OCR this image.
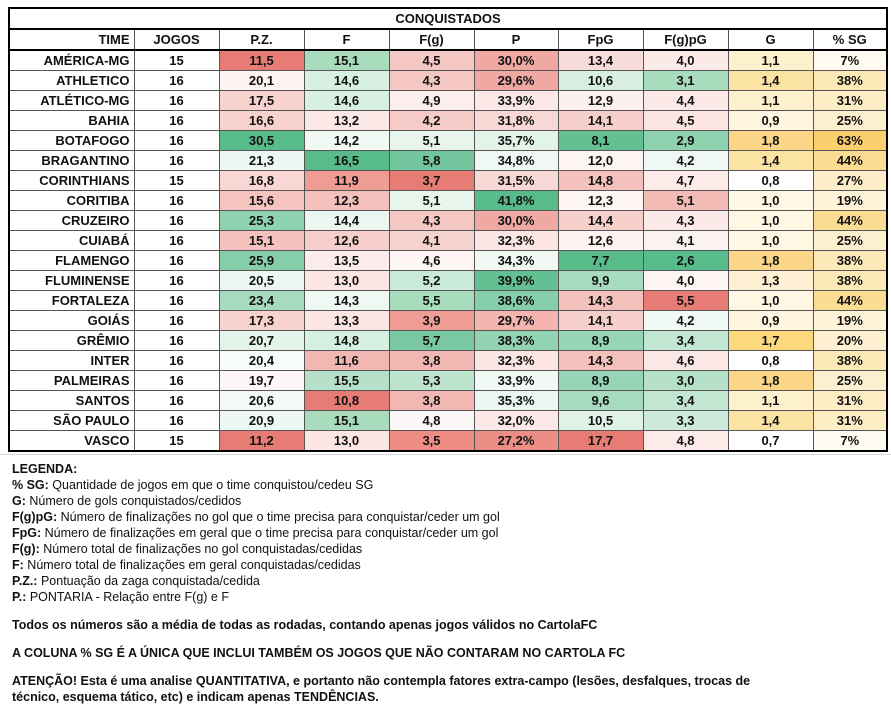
CONQUISTADOS									
TIME	JOGOS	P.Z.	F	F(g)	P	FpG	F(g)pG	G	% SG
AMÉRICA-MG	15	11,5	15,1	4,5	30,0%	13,4	4,0	1,1	7%
ATHLETICO	16	20,1	14,6	4,3	29,6%	10,6	3,1	1,4	38%
ATLÉTICO-MG	16	17,5	14,6	4,9	33,9%	12,9	4,4	1,1	31%
BAHIA	16	16,6	13,2	4,2	31,8%	14,1	4,5	0,9	25%
BOTAFOGO	16	30,5	14,2	5,1	35,7%	8,1	2,9	1,8	63%
BRAGANTINO	16	21,3	16,5	5,8	34,8%	12,0	4,2	1,4	44%
CORINTHIANS	15	16,8	11,9	3,7	31,5%	14,8	4,7	0,8	27%
CORITIBA	16	15,6	12,3	5,1	41,8%	12,3	5,1	1,0	19%
CRUZEIRO	16	25,3	14,4	4,3	30,0%	14,4	4,3	1,0	44%
CUIABÁ	16	15,1	12,6	4,1	32,3%	12,6	4,1	1,0	25%
FLAMENGO	16	25,9	13,5	4,6	34,3%	7,7	2,6	1,8	38%
FLUMINENSE	16	20,5	13,0	5,2	39,9%	9,9	4,0	1,3	38%
FORTALEZA	16	23,4	14,3	5,5	38,6%	14,3	5,5	1,0	44%
GOIÁS	16	17,3	13,3	3,9	29,7%	14,1	4,2	0,9	19%
GRÊMIO	16	20,7	14,8	5,7	38,3%	8,9	3,4	1,7	20%
INTER	16	20,4	11,6	3,8	32,3%	14,3	4,6	0,8	38%
PALMEIRAS	16	19,7	15,5	5,3	33,9%	8,9	3,0	1,8	25%
SANTOS	16	20,6	10,8	3,8	35,3%	9,6	3,4	1,1	31%
SÃO PAULO	16	20,9	15,1	4,8	32,0%	10,5	3,3	1,4	31%
VASCO	15	11,2	13,0	3,5	27,2%	17,7	4,8	0,7	7%
LEGENDA:
% SG: Quantidade de jogos em que o time conquistou/cedeu SG
G: Número de gols conquistados/cedidos
F(g)pG: Número de finalizações no gol que o time precisa para conquistar/ceder um gol
FpG: Número de finalizações em geral que o time precisa para conquistar/ceder um gol
F(g): Número total de finalizações no gol conquistadas/cedidas
F: Número total de finalizações em geral conquistadas/cedidas
P.Z.: Pontuação da zaga conquistada/cedida
P.: PONTARIA - Relação entre F(g) e F
Todos os números são a média de todas as rodadas, contando apenas jogos válidos no CartolaFC
A COLUNA % SG É A ÚNICA QUE INCLUI TAMBÉM OS JOGOS QUE NÃO CONTARAM NO CARTOLA FC
ATENÇÃO! Esta é uma analise QUANTITATIVA, e portanto não contempla fatores extra-campo (lesões, desfalques, trocas de
técnico, esquema tático, etc) e indicam apenas TENDÊNCIAS.
